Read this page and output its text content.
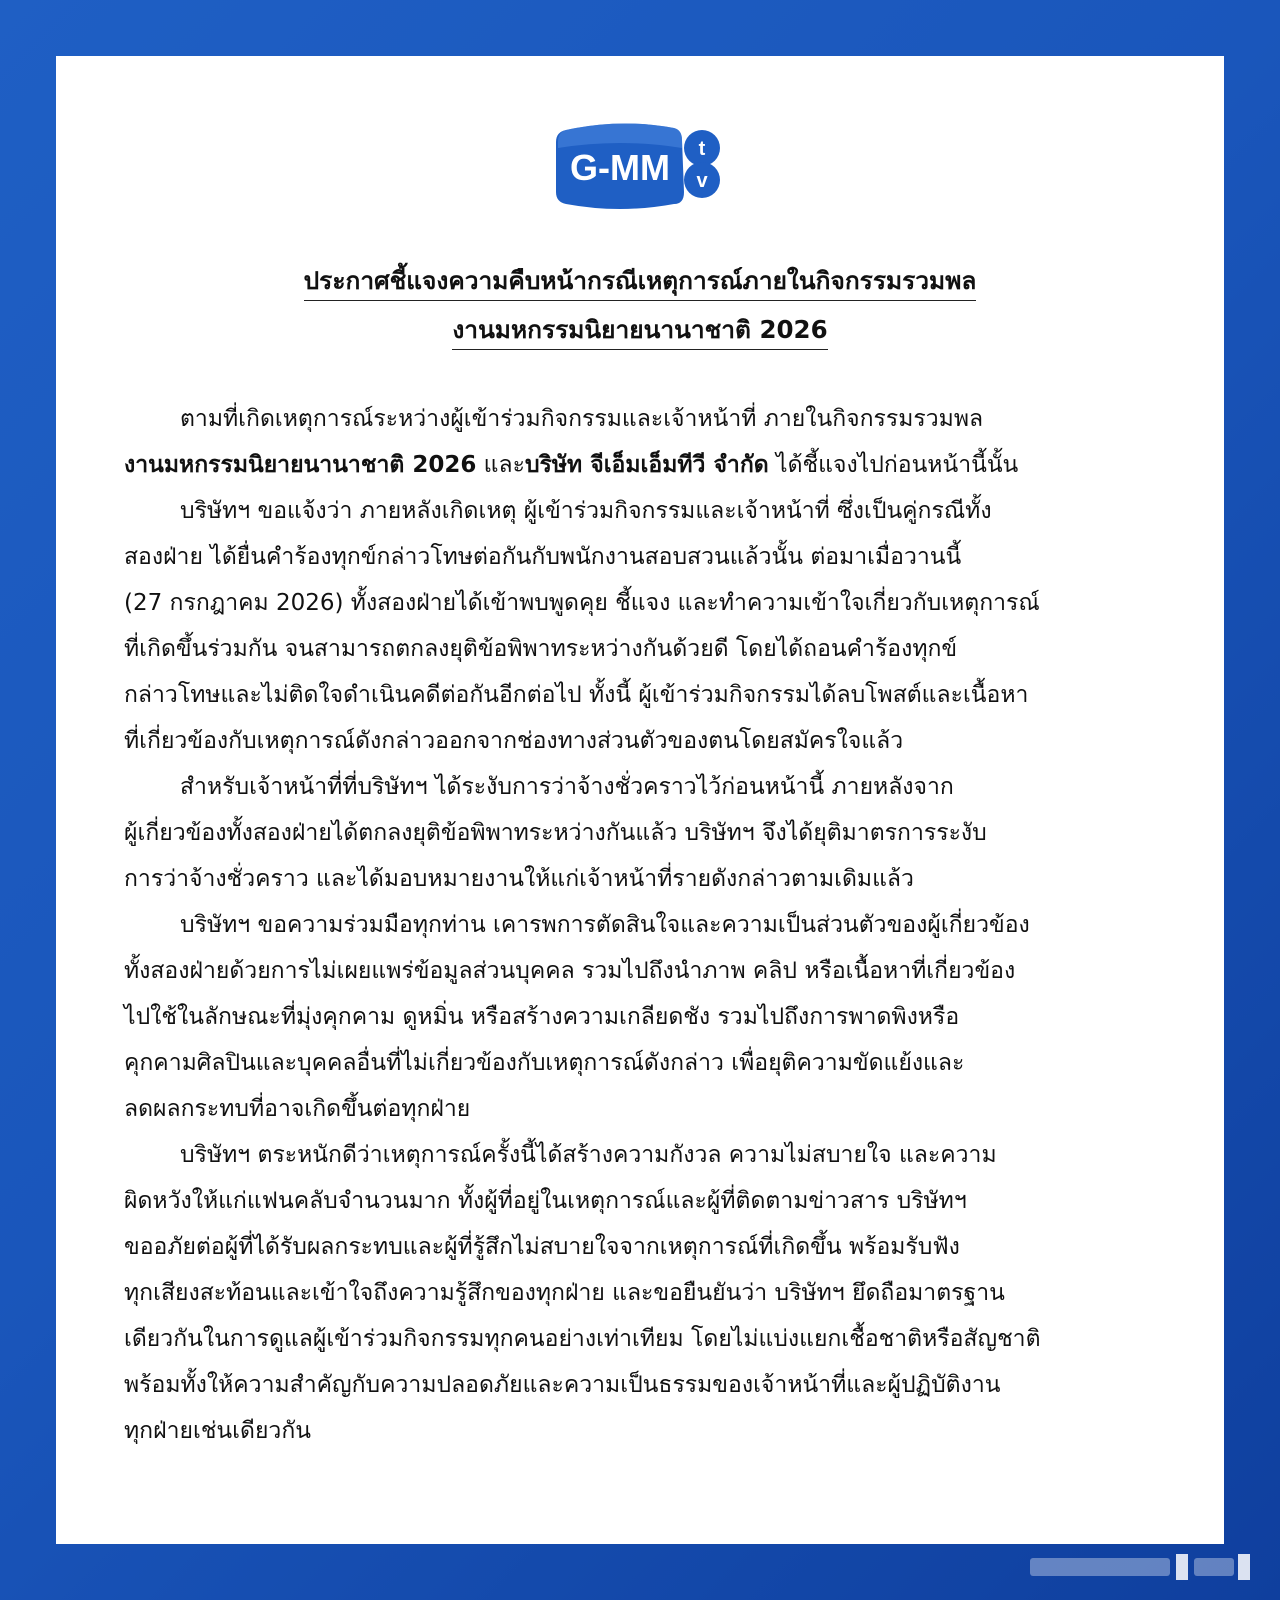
G-MM t
v
ประกาศชี้แจงความคืบหน้ากรณีเหตุการณ์ภายในกิจกรรมรวมพล
งานมหกรรมนิยายนานาชาติ 2026
ตามที่เกิดเหตุการณ์ระหว่างผู้เข้าร่วมกิจกรรมและเจ้าหน้าที่ ภายในกิจกรรมรวมพล
งานมหกรรมนิยายนานาชาติ 2026 และบริษัท จีเอ็มเอ็มทีวี จำกัด ได้ชี้แจงไปก่อนหน้านี้นั้น
บริษัทฯ ขอแจ้งว่า ภายหลังเกิดเหตุ ผู้เข้าร่วมกิจกรรมและเจ้าหน้าที่ ซึ่งเป็นคู่กรณีทั้ง
สองฝ่าย ได้ยื่นคำร้องทุกข์กล่าวโทษต่อกันกับพนักงานสอบสวนแล้วนั้น ต่อมาเมื่อวานนี้
(27 กรกฎาคม 2026) ทั้งสองฝ่ายได้เข้าพบพูดคุย ชี้แจง และทำความเข้าใจเกี่ยวกับเหตุการณ์
ที่เกิดขึ้นร่วมกัน จนสามารถตกลงยุติข้อพิพาทระหว่างกันด้วยดี โดยได้ถอนคำร้องทุกข์
กล่าวโทษและไม่ติดใจดำเนินคดีต่อกันอีกต่อไป ทั้งนี้ ผู้เข้าร่วมกิจกรรมได้ลบโพสต์และเนื้อหา
ที่เกี่ยวข้องกับเหตุการณ์ดังกล่าวออกจากช่องทางส่วนตัวของตนโดยสมัครใจแล้ว
สำหรับเจ้าหน้าที่ที่บริษัทฯ ได้ระงับการว่าจ้างชั่วคราวไว้ก่อนหน้านี้ ภายหลังจาก
ผู้เกี่ยวข้องทั้งสองฝ่ายได้ตกลงยุติข้อพิพาทระหว่างกันแล้ว บริษัทฯ จึงได้ยุติมาตรการระงับ
การว่าจ้างชั่วคราว และได้มอบหมายงานให้แก่เจ้าหน้าที่รายดังกล่าวตามเดิมแล้ว
บริษัทฯ ขอความร่วมมือทุกท่าน เคารพการตัดสินใจและความเป็นส่วนตัวของผู้เกี่ยวข้อง
ทั้งสองฝ่ายด้วยการไม่เผยแพร่ข้อมูลส่วนบุคคล รวมไปถึงนำภาพ คลิป หรือเนื้อหาที่เกี่ยวข้อง
ไปใช้ในลักษณะที่มุ่งคุกคาม ดูหมิ่น หรือสร้างความเกลียดชัง รวมไปถึงการพาดพิงหรือ
คุกคามศิลปินและบุคคลอื่นที่ไม่เกี่ยวข้องกับเหตุการณ์ดังกล่าว เพื่อยุติความขัดแย้งและ
ลดผลกระทบที่อาจเกิดขึ้นต่อทุกฝ่าย
บริษัทฯ ตระหนักดีว่าเหตุการณ์ครั้งนี้ได้สร้างความกังวล ความไม่สบายใจ และความ
ผิดหวังให้แก่แฟนคลับจำนวนมาก ทั้งผู้ที่อยู่ในเหตุการณ์และผู้ที่ติดตามข่าวสาร บริษัทฯ
ขออภัยต่อผู้ที่ได้รับผลกระทบและผู้ที่รู้สึกไม่สบายใจจากเหตุการณ์ที่เกิดขึ้น พร้อมรับฟัง
ทุกเสียงสะท้อนและเข้าใจถึงความรู้สึกของทุกฝ่าย และขอยืนยันว่า บริษัทฯ ยึดถือมาตรฐาน
เดียวกันในการดูแลผู้เข้าร่วมกิจกรรมทุกคนอย่างเท่าเทียม โดยไม่แบ่งแยกเชื้อชาติหรือสัญชาติ
พร้อมทั้งให้ความสำคัญกับความปลอดภัยและความเป็นธรรมของเจ้าหน้าที่และผู้ปฏิบัติงาน
ทุกฝ่ายเช่นเดียวกัน
